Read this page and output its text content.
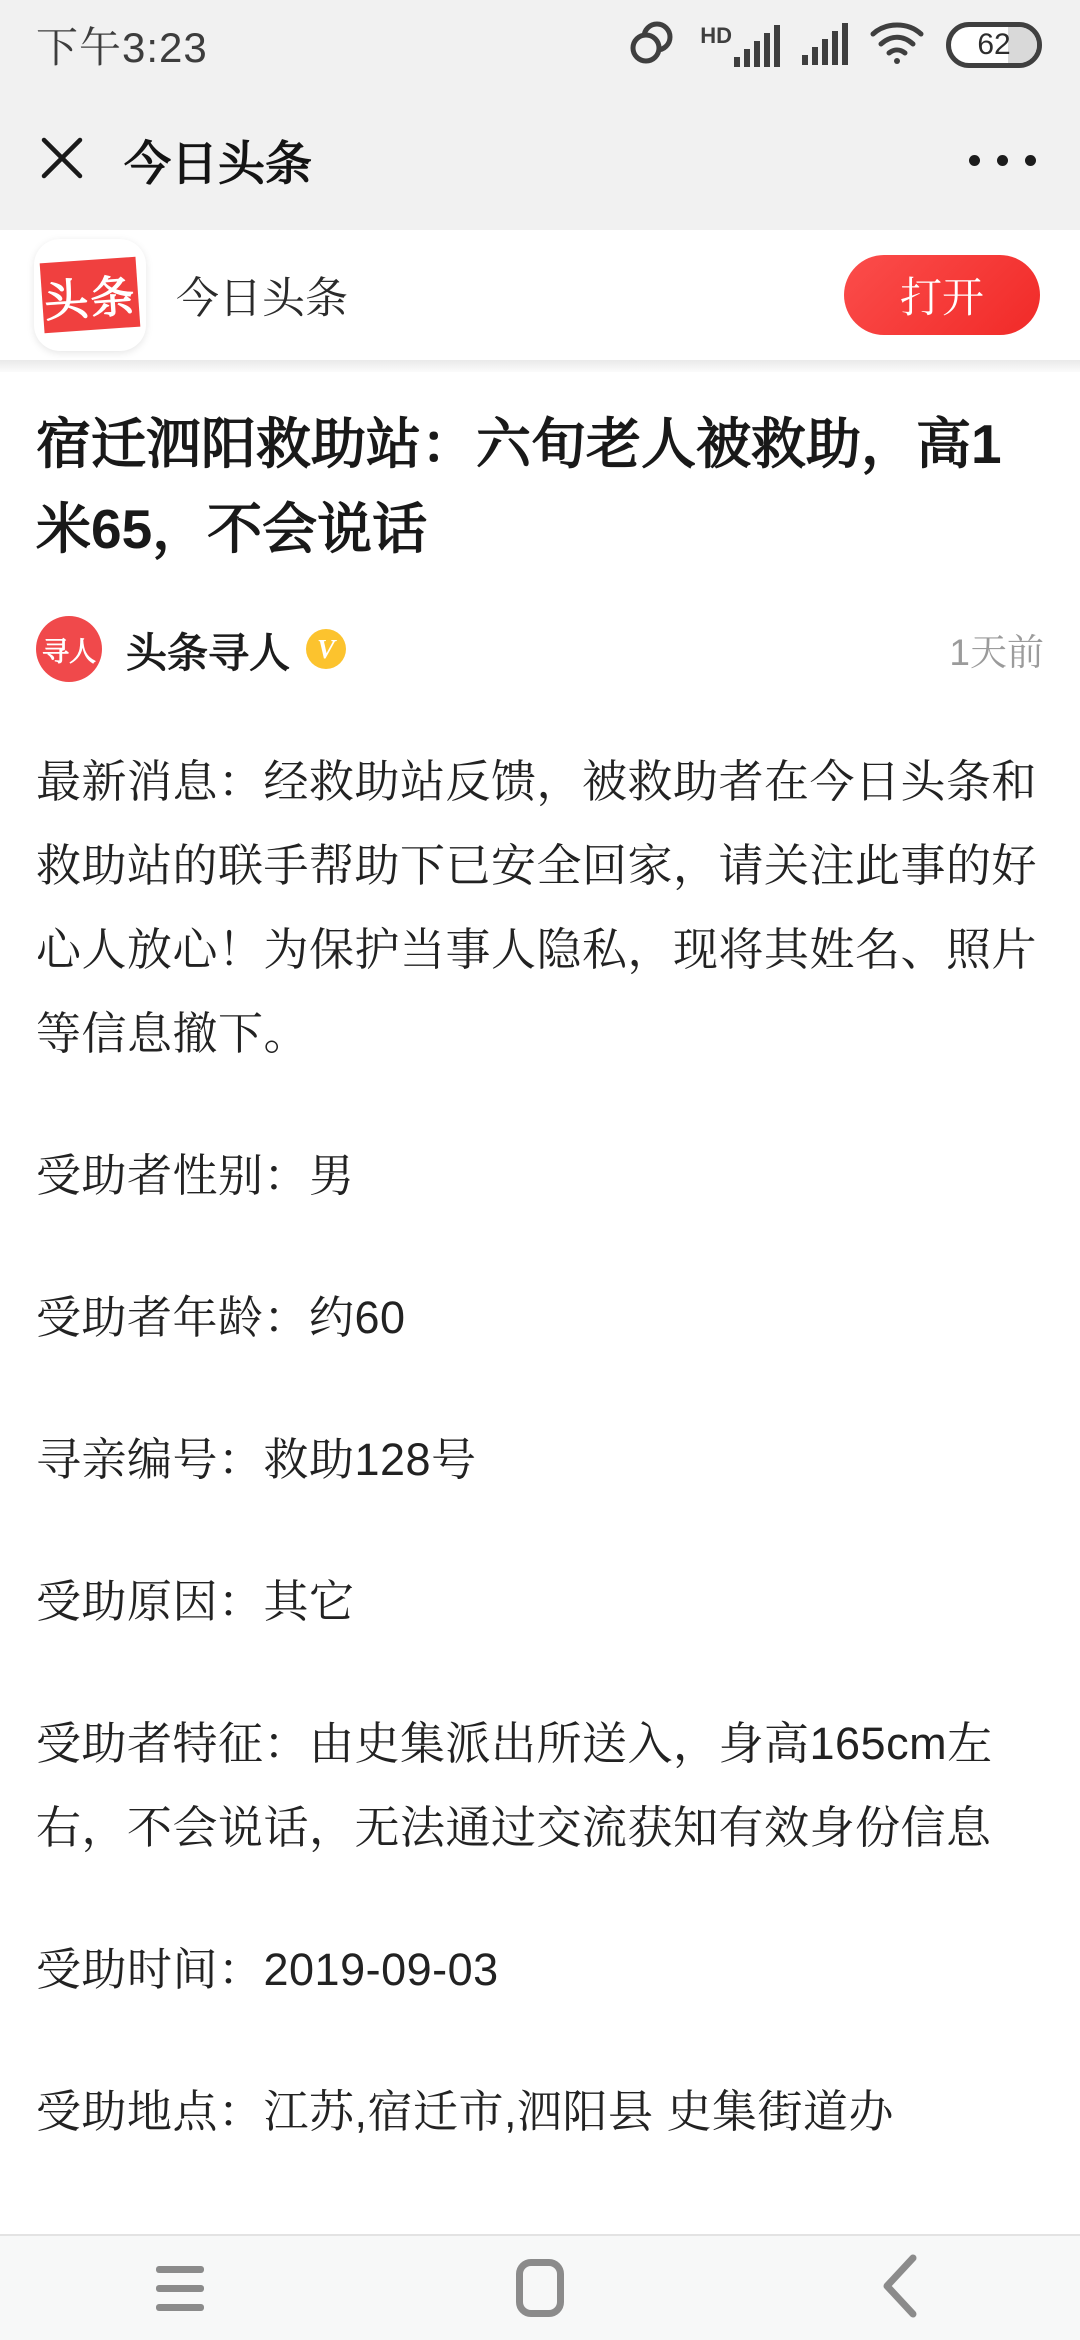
下午3:23	HD	62
今日头条
头条 今日头条	打开
宿迁泗阳救助站：六旬老人被救助，高1米65，不会说话
寻人 头条寻人 V	1天前

最新消息：经救助站反馈，被救助者在今日头条和救助站的联手帮助下已安全回家，请关注此事的好心人放心！为保护当事人隐私，现将其姓名、照片等信息撤下。

受助者性别：男

受助者年龄：约60

寻亲编号：救助128号

受助原因：其它

受助者特征：由史集派出所送入，身高165cm左右，不会说话，无法通过交流获知有效身份信息

受助时间：2019-09-03

受助地点：江苏,宿迁市,泗阳县 史集街道办
